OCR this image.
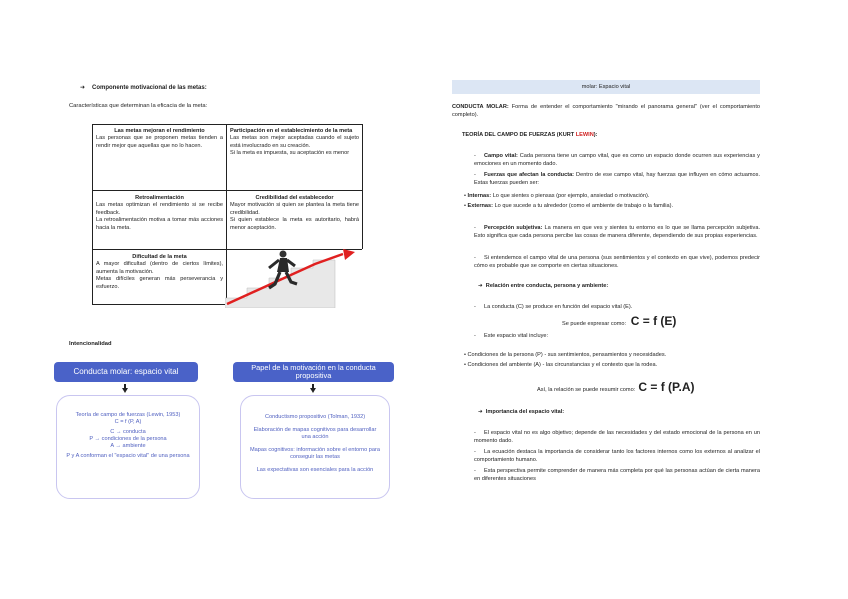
➜ Componente motivacional de las metas:
Características que determinan la eficacia de la meta:
Las metas mejoran el rendimiento
Las personas que se proponen metas tienden a rendir mejor que aquellas que no lo hacen.
Participación en el establecimiento de la meta
Las metas son mejor aceptadas cuando el sujeto está involucrado en su creación.
Si la meta es impuesta, su aceptación es menor
Retroalimentación
Las metas optimizan el rendimiento si se recibe feedback.
La retroalimentación motiva a tomar más acciones hacia la meta.
Credibilidad del establecedor
Mayor motivación si quien se plantea la meta tiene credibilidad.
Si quien establece la meta es autoritario, habrá menor aceptación.
Dificultad de la meta
A mayor dificultad (dentro de ciertos límites), aumenta la motivación.
Metas difíciles generan más perseverancia y esfuerzo.
Intencionalidad
Conducta molar: espacio vital

Teoría de campo de fuerzas (Lewin, 1953)

C = f (P, A)

C → conducta

P → condiciones de la persona

A → ambiente

P y A conforman el "espacio vital" de una persona

Papel de la motivación en la conducta propositiva

Conductismo propositivo (Tolman, 1932)

Elaboración de mapas cognitivos para desarrollar una acción

Mapas cognitivos: información sobre el entorno para conseguir las metas

Las expectativas son esenciales para la acción

molar: Espacio vital
CONDUCTA MOLAR: Forma de entender el comportamiento "mirando el panorama general" (ver el comportamiento completo).
TEORÍA DEL CAMPO DE FUERZAS (KURT LEWIN):
- Campo vital: Cada persona tiene un campo vital, que es como un espacio donde ocurren sus experiencias y emociones en un momento dado.
- Fuerzas que afectan la conducta: Dentro de ese campo vital, hay fuerzas que influyen en cómo actuamos. Estas fuerzas pueden ser:
• Internas: Lo que sientes o piensas (por ejemplo, ansiedad o motivación).
• Externas: Lo que sucede a tu alrededor (como el ambiente de trabajo o la familia).
- Percepción subjetiva: La manera en que ves y sientes tu entorno es lo que se llama percepción subjetiva. Esto significa que cada persona percibe las cosas de manera diferente, dependiendo de sus propias experiencias.
- Si entendemos el campo vital de una persona (sus sentimientos y el contexto en que vive), podemos predecir cómo es probable que se comporte en ciertas situaciones.
➜ Relación entre conducta, persona y ambiente:
- La conducta (C) se produce en función del espacio vital (E).
Se puede expresar como: C = f (E)
- Este espacio vital incluye:
• Condiciones de la persona (P) - sus sentimientos, pensamientos y necesidades.
• Condiciones del ambiente (A) - las circunstancias y el contexto que la rodea.
Así, la relación se puede resumir como: C = f (P.A)
➜ Importancia del espacio vital:
- El espacio vital no es algo objetivo; depende de las necesidades y del estado emocional de la persona en un momento dado.
- La ecuación destaca la importancia de considerar tanto los factores internos como los externos al analizar el comportamiento humano.
- Esta perspectiva permite comprender de manera más completa por qué las personas actúan de cierta manera en diferentes situaciones
